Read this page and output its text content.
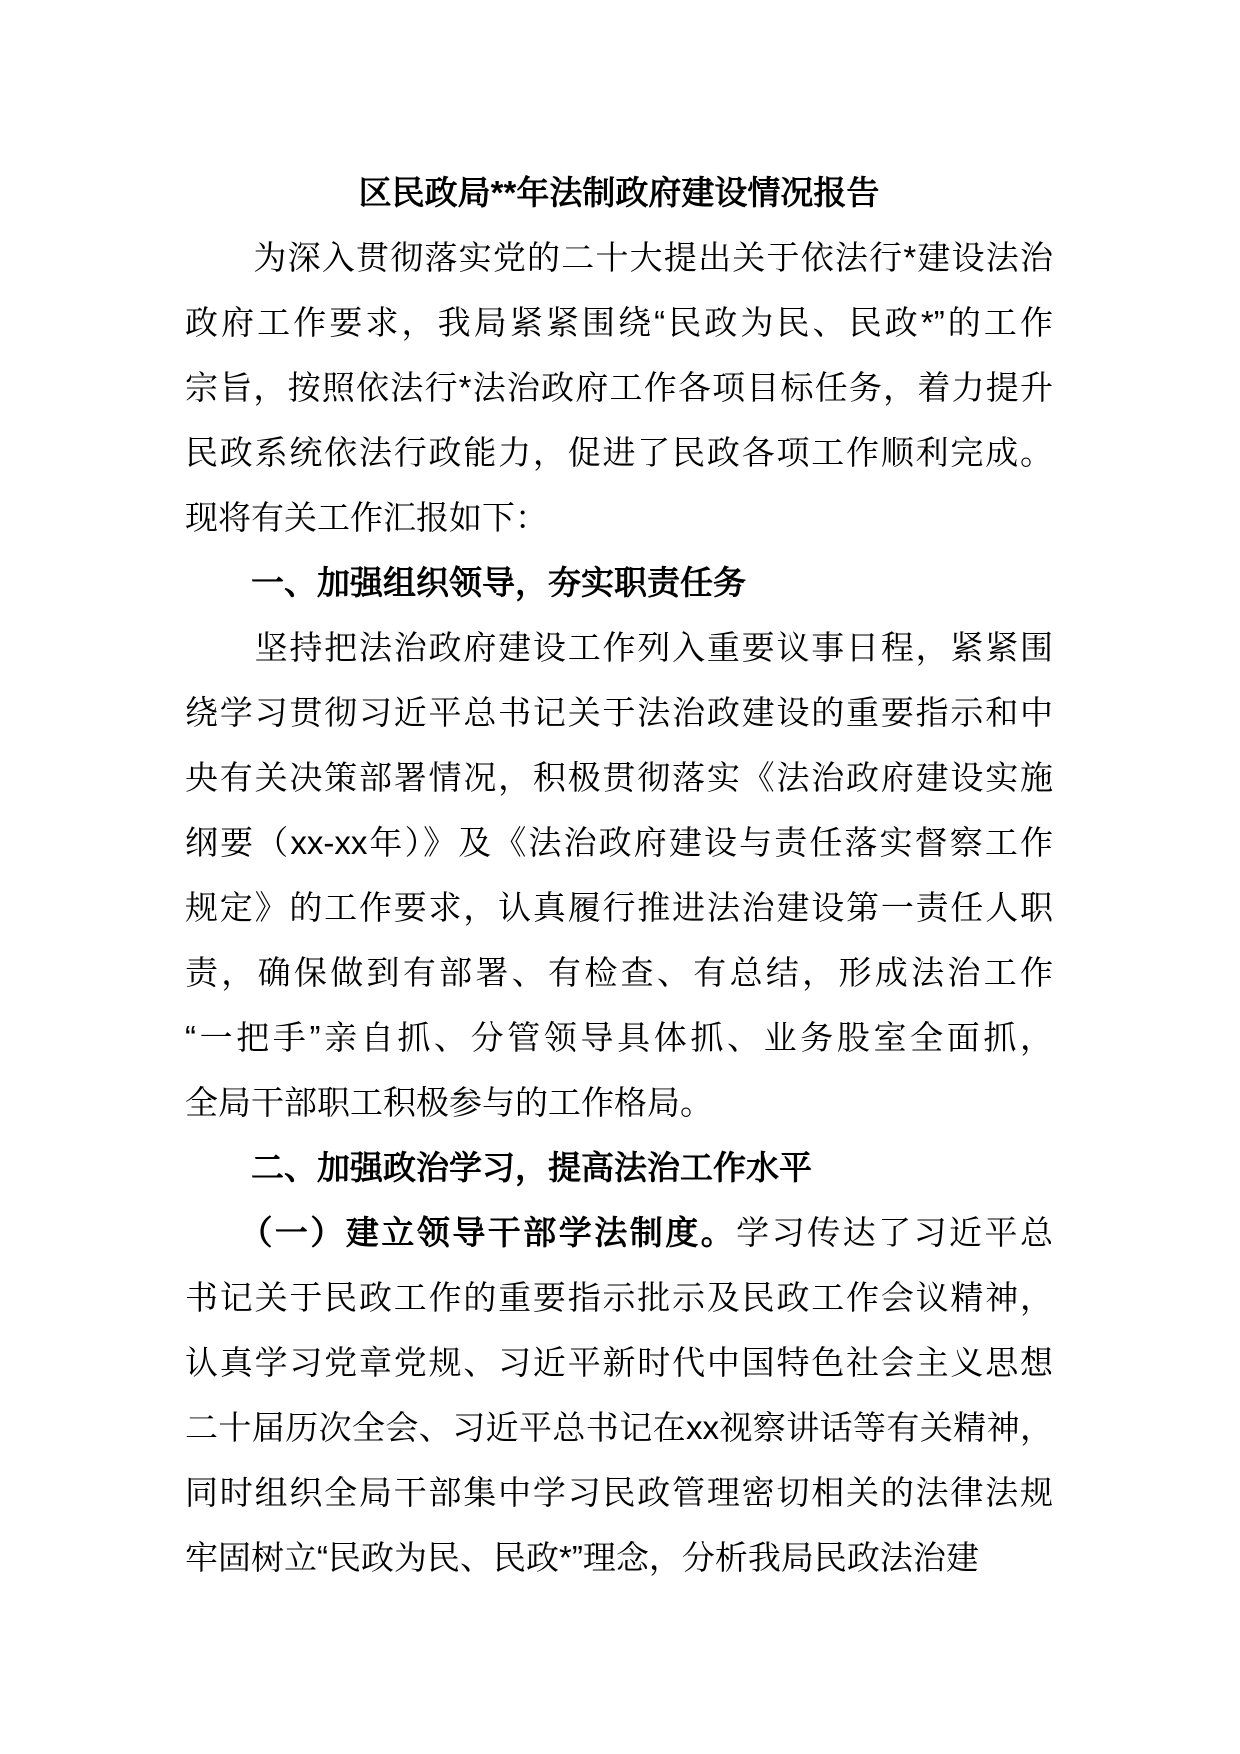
区民政局**年法制政府建设情况报告
　　为深入贯彻落实党的二十大提出关于依法行*建设法治
政府工作要求，我局紧紧围绕“民政为民、民政*”的工作
宗旨，按照依法行*法治政府工作各项目标任务，着力提升
民政系统依法行政能力，促进了民政各项工作顺利完成。
现将有关工作汇报如下：
　　一、加强组织领导，夯实职责任务
　　坚持把法治政府建设工作列入重要议事日程，紧紧围
绕学习贯彻习近平总书记关于法治政建设的重要指示和中
央有关决策部署情况，积极贯彻落实《法治政府建设实施
纲要（xx-xx年）》及《法治政府建设与责任落实督察工作
规定》的工作要求，认真履行推进法治建设第一责任人职
责，确保做到有部署、有检查、有总结，形成法治工作
“一把手”亲自抓、分管领导具体抓、业务股室全面抓，
全局干部职工积极参与的工作格局。
　　二、加强政治学习，提高法治工作水平
　　（一）建立领导干部学法制度。学习传达了习近平总
书记关于民政工作的重要指示批示及民政工作会议精神，
认真学习党章党规、习近平新时代中国特色社会主义思想
二十届历次全会、习近平总书记在xx视察讲话等有关精神，
同时组织全局干部集中学习民政管理密切相关的法律法规
牢固树立“民政为民、民政*”理念，分析我局民政法治建
